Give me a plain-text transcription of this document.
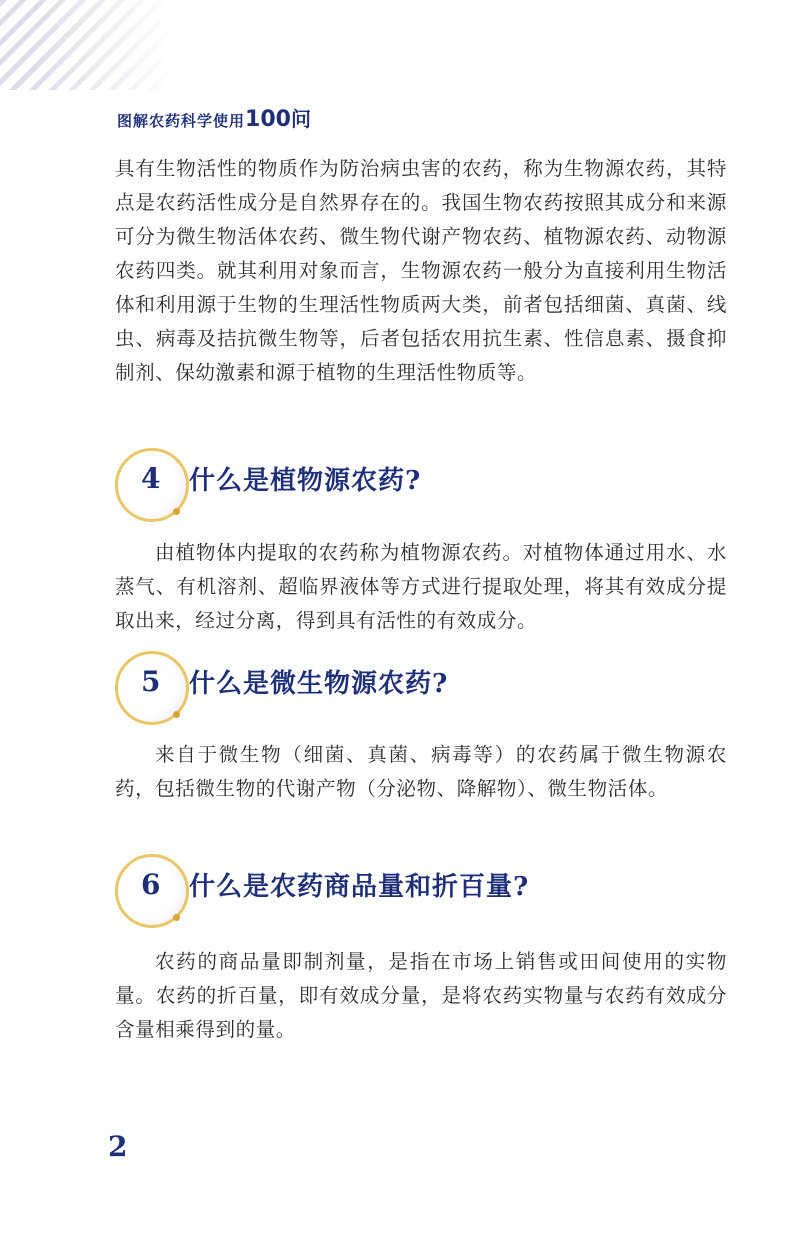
图解农药科学使用100问

具有生物活性的物质作为防治病虫害的农药，称为生物源农药，其特点是农药活性成分是自然界存在的。我国生物农药按照其成分和来源可分为微生物活体农药、微生物代谢产物农药、植物源农药、动物源农药四类。就其利用对象而言，生物源农药一般分为直接利用生物活体和利用源于生物的生理活性物质两大类，前者包括细菌、真菌、线虫、病毒及拮抗微生物等，后者包括农用抗生素、性信息素、摄食抑制剂、保幼激素和源于植物的生理活性物质等。

4 什么是植物源农药?

由植物体内提取的农药称为植物源农药。对植物体通过用水、水蒸气、有机溶剂、超临界液体等方式进行提取处理，将其有效成分提取出来，经过分离，得到具有活性的有效成分。

5 什么是微生物源农药?

来自于微生物（细菌、真菌、病毒等）的农药属于微生物源农药，包括微生物的代谢产物（分泌物、降解物）、微生物活体。

6 什么是农药商品量和折百量?

农药的商品量即制剂量，是指在市场上销售或田间使用的实物量。农药的折百量，即有效成分量，是将农药实物量与农药有效成分含量相乘得到的量。

2
